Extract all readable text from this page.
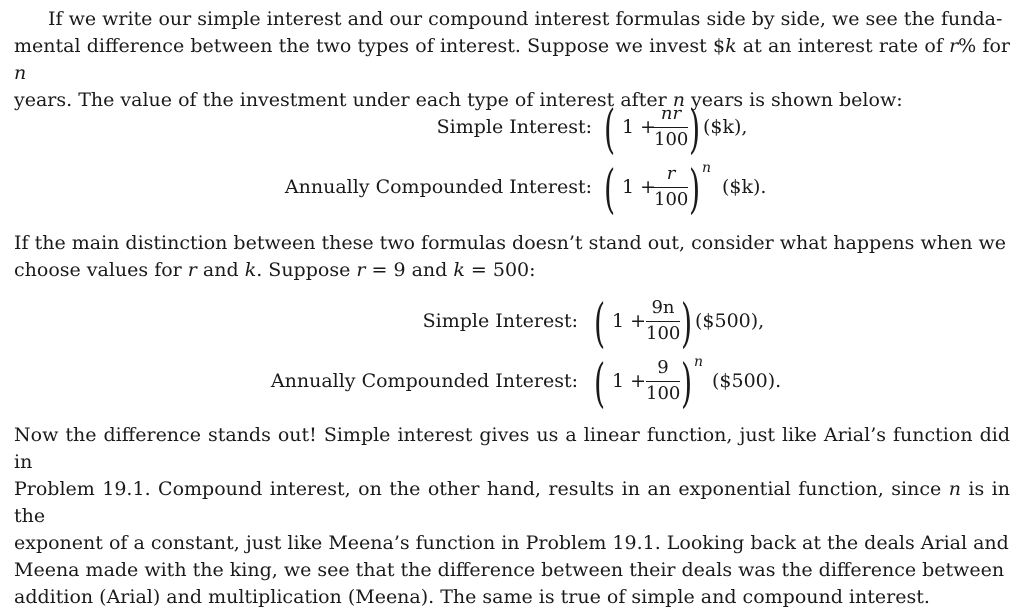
If we write our simple interest and our compound interest formulas side by side, we see the funda-
mental difference between the two types of interest. Suppose we invest $k at an interest rate of r% for n
years. The value of the investment under each type of interest after n years is shown below:

Simple Interest: ( 1 +
nr
100 ) ($k),
Annually Compounded Interest: ( 1 +
r
100 ) n
($k).

If the main distinction between these two formulas doesn’t stand out, consider what happens when we
choose values for r and k. Suppose r = 9 and k = 500:

Simple Interest: ( 1 +
9n
100 ) ($500),
Annually Compounded Interest: ( 1 +
9
100 ) n
($500).

Now the difference stands out! Simple interest gives us a linear function, just like Arial’s function did in
Problem 19.1. Compound interest, on the other hand, results in an exponential function, since n is in the
exponent of a constant, just like Meena’s function in Problem 19.1. Looking back at the deals Arial and
Meena made with the king, we see that the difference between their deals was the difference between
addition (Arial) and multiplication (Meena). The same is true of simple and compound interest.
